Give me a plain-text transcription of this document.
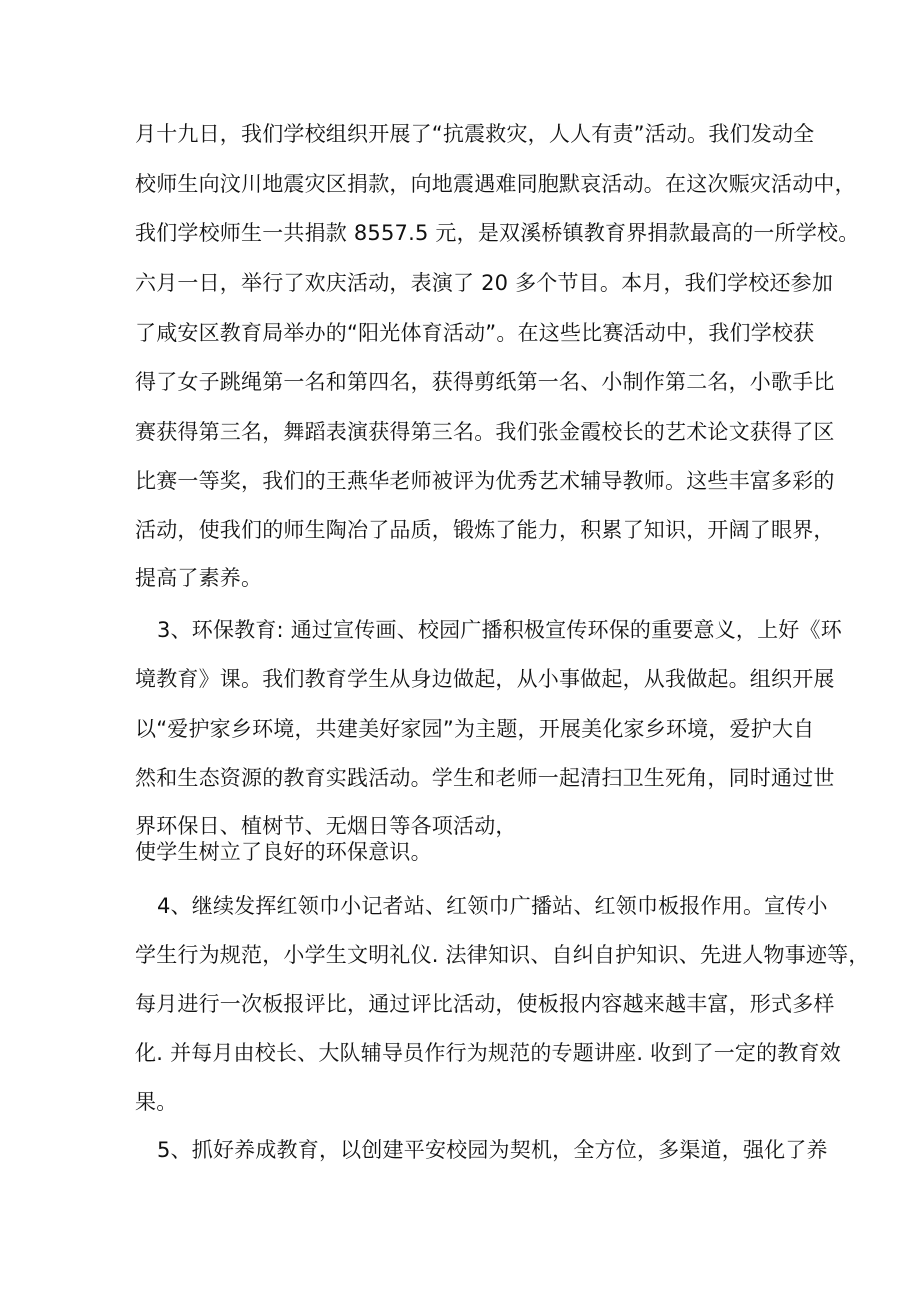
月十九日，我们学校组织开展了“抗震救灾，人人有责”活动。我们发动全
校师生向汶川地震灾区捐款，向地震遇难同胞默哀活动。在这次赈灾活动中，
我们学校师生一共捐款 8557.5 元，是双溪桥镇教育界捐款最高的一所学校。
六月一日，举行了欢庆活动，表演了 20 多个节目。本月，我们学校还参加
了咸安区教育局举办的“阳光体育活动”。在这些比赛活动中，我们学校获
得了女子跳绳第一名和第四名，获得剪纸第一名、小制作第二名，小歌手比
赛获得第三名，舞蹈表演获得第三名。我们张金霞校长的艺术论文获得了区
比赛一等奖，我们的王燕华老师被评为优秀艺术辅导教师。这些丰富多彩的
活动，使我们的师生陶冶了品质，锻炼了能力，积累了知识，开阔了眼界，
提高了素养。
3、环保教育: 通过宣传画、校园广播积极宣传环保的重要意义，上好《环
境教育》课。我们教育学生从身边做起，从小事做起，从我做起。组织开展
以“爱护家乡环境，共建美好家园”为主题，开展美化家乡环境，爱护大自
然和生态资源的教育实践活动。学生和老师一起清扫卫生死角，同时通过世
界环保日、植树节、无烟日等各项活动，
使学生树立了良好的环保意识。
4、继续发挥红领巾小记者站、红领巾广播站、红领巾板报作用。宣传小
学生行为规范，小学生文明礼仪. 法律知识、自纠自护知识、先进人物事迹等，
每月进行一次板报评比，通过评比活动，使板报内容越来越丰富，形式多样
化. 并每月由校长、大队辅导员作行为规范的专题讲座. 收到了一定的教育效
果。
5、抓好养成教育，以创建平安校园为契机，全方位，多渠道，强化了养
